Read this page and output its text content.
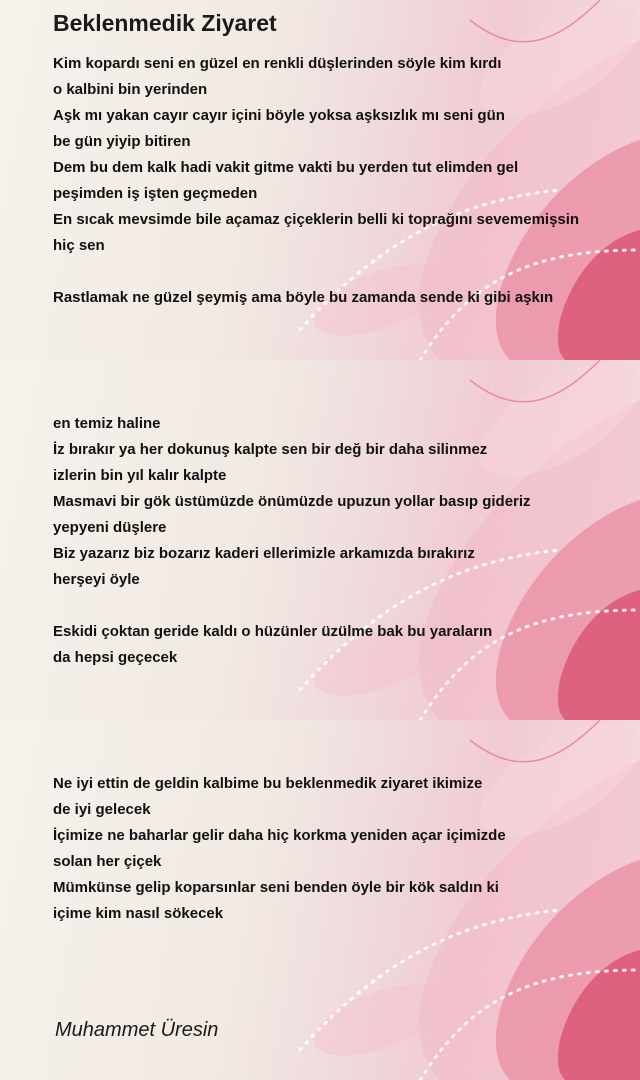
Beklenmedik Ziyaret

Kim kopardı seni en güzel en renkli düşlerinden söyle kim kırdı

o kalbini bin yerinden

Aşk mı yakan cayır cayır içini böyle yoksa aşksızlık mı seni gün

be gün yiyip bitiren

Dem bu dem kalk hadi vakit gitme vakti bu yerden tut elimden gel

peşimden iş işten geçmeden

En sıcak mevsimde bile açamaz çiçeklerin belli ki toprağını sevememişsin

hiç sen

Rastlamak ne güzel şeymiş ama böyle bu zamanda sende ki gibi aşkın

en temiz haline

İz bırakır ya her dokunuş kalpte sen bir değ bir daha silinmez

izlerin bin yıl kalır kalpte

Masmavi bir gök üstümüzde önümüzde upuzun yollar basıp gideriz

yepyeni düşlere

Biz yazarız biz bozarız kaderi ellerimizle arkamızda bırakırız

herşeyi öyle

Eskidi çoktan geride kaldı o hüzünler üzülme bak bu yaraların

da hepsi geçecek

Ne iyi ettin de geldin kalbime bu beklenmedik ziyaret ikimize

de iyi gelecek

İçimize ne baharlar gelir daha hiç korkma yeniden açar içimizde

solan her çiçek

Mümkünse gelip koparsınlar seni benden öyle bir kök saldın ki

içime kim nasıl sökecek

Muhammet Üresin
